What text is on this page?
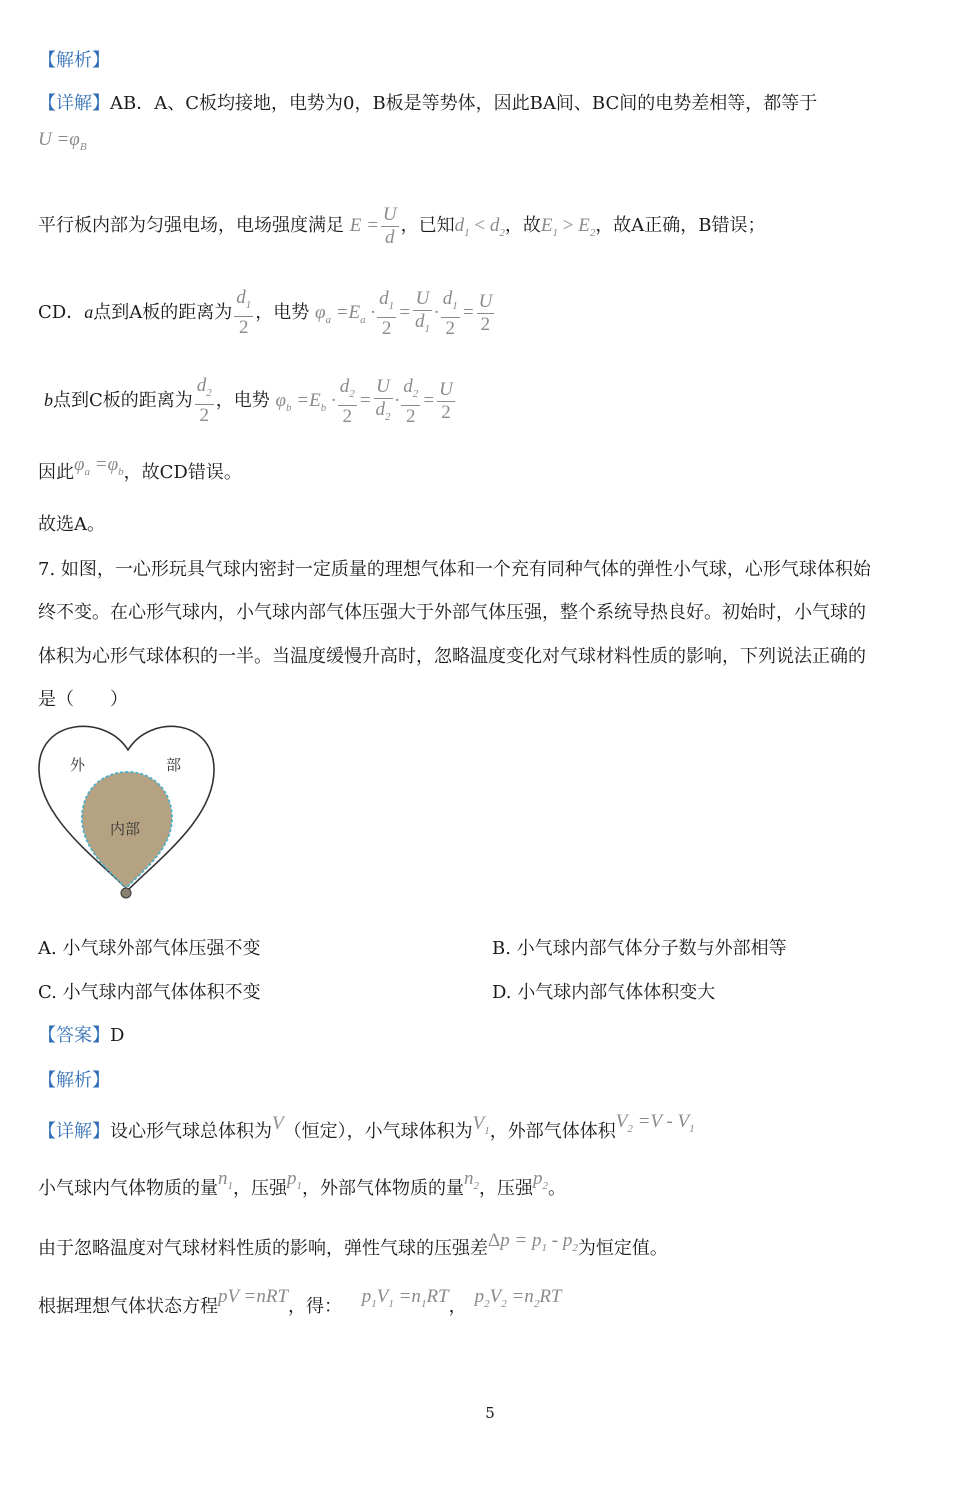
【解析】
【详解】AB．A、C板均接地，电势为0，B板是等势体，因此BA间、BC间的电势差相等，都等于
$U =\varphi_B$
平行板内部为匀强电场，电场强度满足 $E = \frac{U}{d}$ ，已知$d_1 < d_2$，故$E_1 > E_2$，故A正确，B错误；
CD．a点到A板的距离为 $\frac{d_1}{2}$ ，电势 $\varphi_a =E_a \cdot \frac{d_1}{2} = \frac{U}{d_1} \cdot \frac{d_1}{2} = \frac{U}{2}$
b点到C板的距离为 $\frac{d_2}{2}$ ，电势 $\varphi_b =E_b \cdot \frac{d_2}{2} = \frac{U}{d_2} \cdot \frac{d_2}{2} = \frac{U}{2}$
因此$\varphi_a =\varphi_b$，故CD错误。
故选A。
7. 如图，一心形玩具气球内密封一定质量的理想气体和一个充有同种气体的弹性小气球，心形气球体积始
终不变。在心形气球内，小气球内部气体压强大于外部气体压强，整个系统导热良好。初始时，小气球的
体积为心形气球体积的一半。当温度缓慢升高时，忽略温度变化对气球材料性质的影响，下列说法正确的
是（　　）
外	部
内部
A. 小气球外部气体压强不变	B. 小气球内部气体分子数与外部相等
C. 小气球内部气体体积不变	D. 小气球内部气体体积变大
【答案】D
【解析】
【详解】设心形气球总体积为V（恒定），小气球体积为$V_1$，外部气体体积$V_2 =V - V_1$
小气球内气体物质的量$n_1$，压强$p_1$，外部气体物质的量$n_2$，压强$p_2$。
由于忽略温度对气球材料性质的影响，弹性气球的压强差$\Delta p = p_1 - p_2$为恒定值。
根据理想气体状态方程pV =nRT，得： $p_1V_1 =n_1RT$， $p_2V_2 =n_2RT$
5
